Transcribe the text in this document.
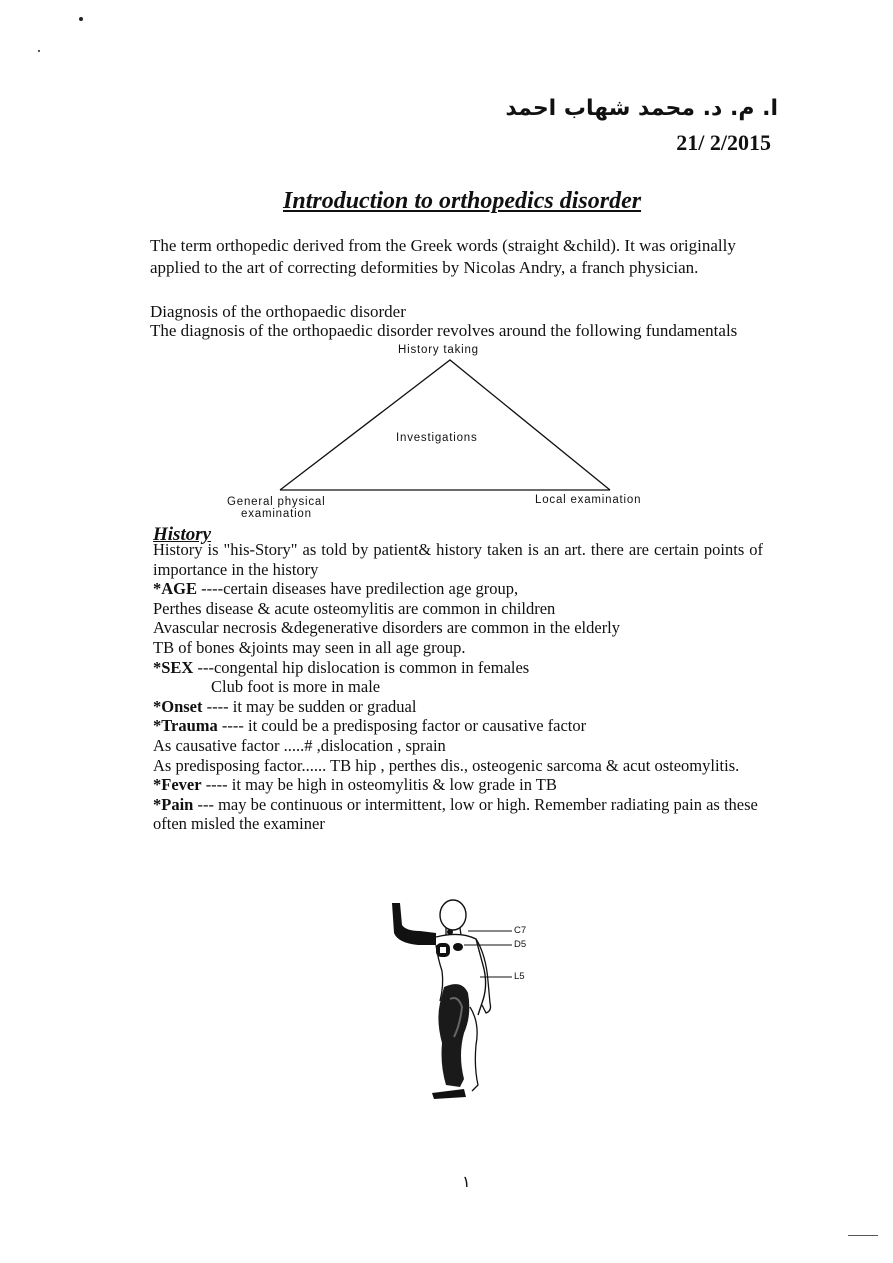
ا. م. د. محمد شهاب احمد
21/ 2/2015
Introduction to orthopedics disorder
The term orthopedic derived from the Greek words (straight &child). It was originally applied to the art of correcting deformities by Nicolas Andry, a franch physician.
Diagnosis of the orthopaedic disorder
The diagnosis of the orthopaedic disorder revolves around the following fundamentals
History taking
Investigations
General physical
examination
Local examination
History
History is "his-Story" as told by patient& history taken is an art. there are certain points of importance in the history
*AGE ----certain diseases have predilection age group,
Perthes disease & acute osteomylitis are common in children
Avascular necrosis &degenerative disorders are common in the elderly
TB of bones &joints may seen in all age group.
*SEX ---congental hip dislocation is common in females
Club foot is more in male
*Onset ---- it may be sudden or gradual
*Trauma ---- it could be a predisposing factor or causative factor
As causative factor .....# ,dislocation , sprain
As predisposing factor...... TB hip , perthes dis., osteogenic sarcoma & acut osteomylitis.
*Fever ---- it may be high in osteomylitis & low grade in TB
*Pain --- may be continuous or intermittent, low or high. Remember radiating pain as these often misled the examiner
C7
D5
L5
١
